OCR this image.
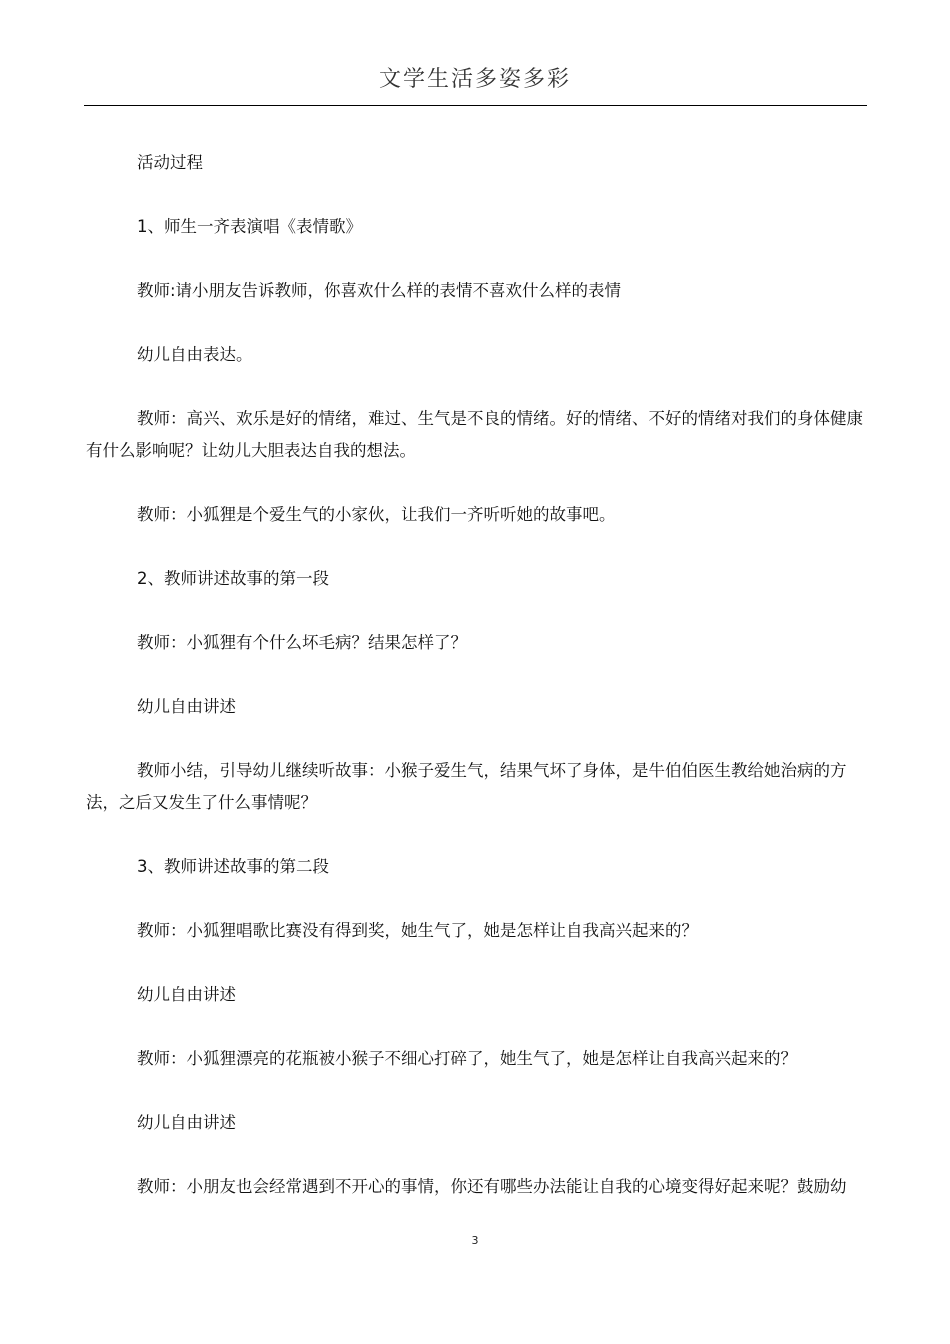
文学生活多姿多彩
活动过程
1、师生一齐表演唱《表情歌》
教师:请小朋友告诉教师，你喜欢什么样的表情不喜欢什么样的表情
幼儿自由表达。
教师：高兴、欢乐是好的情绪，难过、生气是不良的情绪。好的情绪、不好的情绪对我们的身体健康有什么影响呢？让幼儿大胆表达自我的想法。
教师：小狐狸是个爱生气的小家伙，让我们一齐听听她的故事吧。
2、教师讲述故事的第一段
教师：小狐狸有个什么坏毛病？结果怎样了？
幼儿自由讲述
教师小结，引导幼儿继续听故事：小猴子爱生气，结果气坏了身体，是牛伯伯医生教给她治病的方法，之后又发生了什么事情呢？
3、教师讲述故事的第二段
教师：小狐狸唱歌比赛没有得到奖，她生气了，她是怎样让自我高兴起来的？
幼儿自由讲述
教师：小狐狸漂亮的花瓶被小猴子不细心打碎了，她生气了，她是怎样让自我高兴起来的？
幼儿自由讲述
教师：小朋友也会经常遇到不开心的事情，你还有哪些办法能让自我的心境变得好起来呢？鼓励幼
3
